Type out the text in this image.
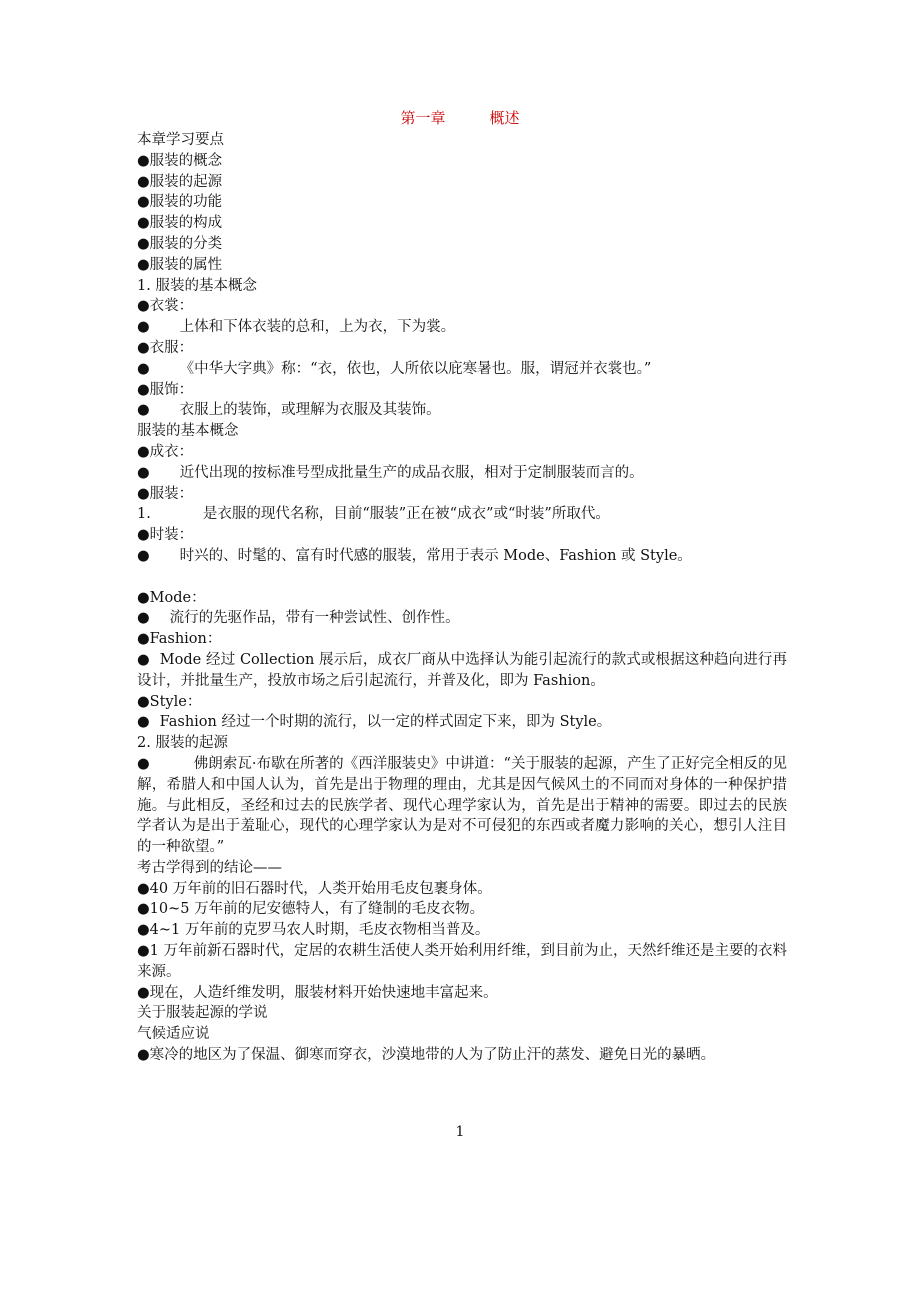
第一章	概述
本章学习要点
●服装的概念
●服装的起源
●服装的功能
●服装的构成
●服装的分类
●服装的属性
1. 服装的基本概念
●衣裳：
● 上体和下体衣装的总和，上为衣，下为裳。
●衣服：
● 《中华大字典》称：“衣，依也，人所依以庇寒暑也。服，谓冠并衣裳也。”
●服饰：
● 衣服上的装饰，或理解为衣服及其装饰。
服装的基本概念
●成衣：
● 近代出现的按标准号型成批量生产的成品衣服，相对于定制服装而言的。
●服装：
1.	是衣服的现代名称，目前“服装”正在被“成衣”或“时装”所取代。
●时装：
● 时兴的、时髦的、富有时代感的服装，常用于表示 Mode、Fashion 或 Style。
●Mode：
● 流行的先驱作品，带有一种尝试性、创作性。
●Fashion：
● Mode 经过 Collection 展示后，成衣厂商从中选择认为能引起流行的款式或根据这种趋向进行再设计，并批量生产，投放市场之后引起流行，并普及化，即为 Fashion。
●Style：
● Fashion 经过一个时期的流行，以一定的样式固定下来，即为 Style。
2. 服装的起源
●	佛朗索瓦·布歇在所著的《西洋服装史》中讲道：“关于服装的起源，产生了正好完全相反的见解，希腊人和中国人认为，首先是出于物理的理由，尤其是因气候风土的不同而对身体的一种保护措施。与此相反，圣经和过去的民族学者、现代心理学家认为，首先是出于精神的需要。即过去的民族学者认为是出于羞耻心，现代的心理学家认为是对不可侵犯的东西或者魔力影响的关心，想引人注目的一种欲望。”
考古学得到的结论——
●40 万年前的旧石器时代，人类开始用毛皮包裹身体。
●10~5 万年前的尼安德特人，有了缝制的毛皮衣物。
●4~1 万年前的克罗马农人时期，毛皮衣物相当普及。
●1 万年前新石器时代，定居的农耕生活使人类开始利用纤维，到目前为止，天然纤维还是主要的衣料来源。
●现在，人造纤维发明，服装材料开始快速地丰富起来。
关于服装起源的学说
气候适应说
●寒冷的地区为了保温、御寒而穿衣，沙漠地带的人为了防止汗的蒸发、避免日光的暴晒。
1
